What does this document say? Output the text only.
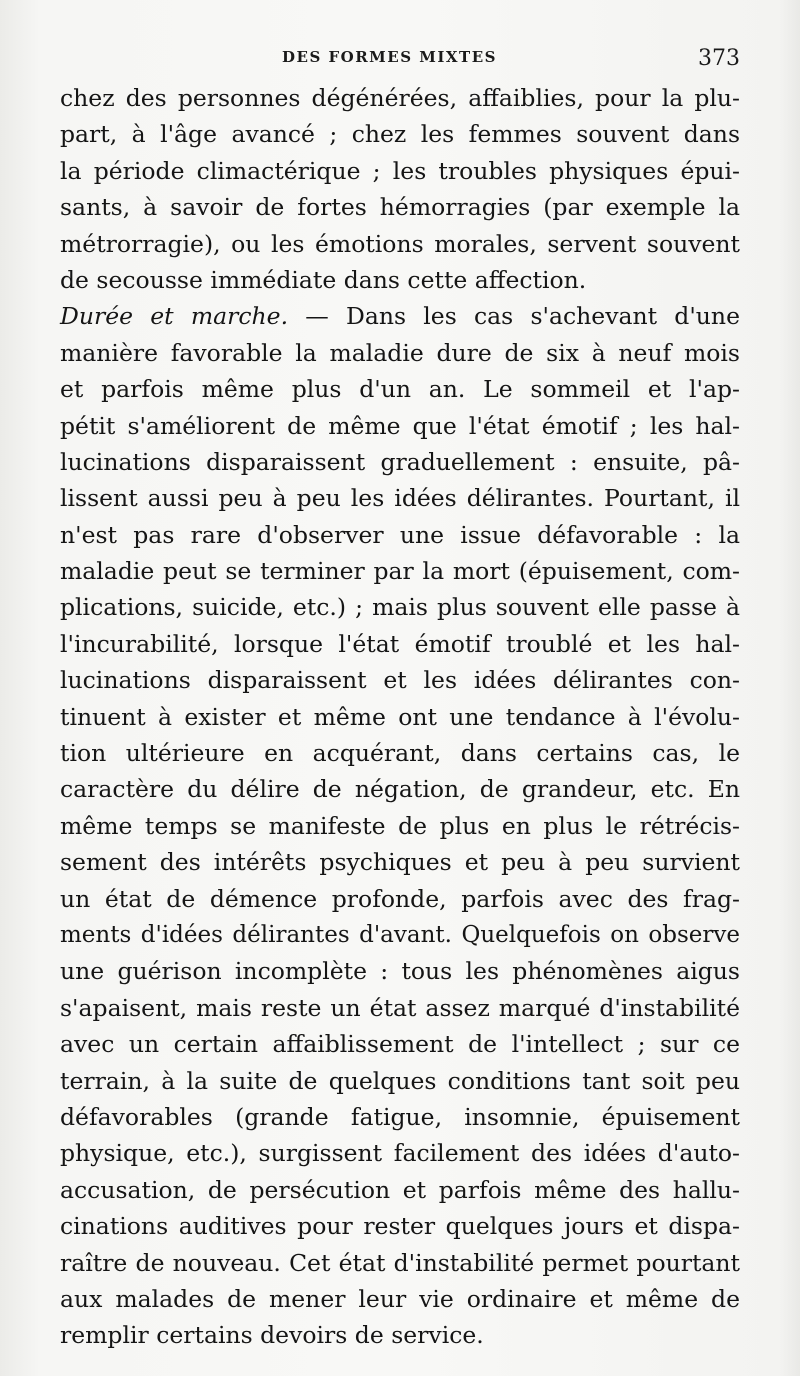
DES FORMES MIXTES	373
chez des personnes dégénérées, affaiblies, pour la plu-
part, à l'âge avancé ; chez les femmes souvent dans
la période climactérique ; les troubles physiques épui-
sants, à savoir de fortes hémorragies (par exemple la
métrorragie), ou les émotions morales, servent souvent
de secousse immédiate dans cette affection.
Durée et marche. — Dans les cas s'achevant d'une
manière favorable la maladie dure de six à neuf mois
et parfois même plus d'un an. Le sommeil et l'ap-
pétit s'améliorent de même que l'état émotif ; les hal-
lucinations disparaissent graduellement : ensuite, pâ-
lissent aussi peu à peu les idées délirantes. Pourtant, il
n'est pas rare d'observer une issue défavorable : la
maladie peut se terminer par la mort (épuisement, com-
plications, suicide, etc.) ; mais plus souvent elle passe à
l'incurabilité, lorsque l'état émotif troublé et les hal-
lucinations disparaissent et les idées délirantes con-
tinuent à exister et même ont une tendance à l'évolu-
tion ultérieure en acquérant, dans certains cas, le
caractère du délire de négation, de grandeur, etc. En
même temps se manifeste de plus en plus le rétrécis-
sement des intérêts psychiques et peu à peu survient
un état de démence profonde, parfois avec des frag-
ments d'idées délirantes d'avant. Quelquefois on observe
une guérison incomplète : tous les phénomènes aigus
s'apaisent, mais reste un état assez marqué d'instabilité
avec un certain affaiblissement de l'intellect ; sur ce
terrain, à la suite de quelques conditions tant soit peu
défavorables (grande fatigue, insomnie, épuisement
physique, etc.), surgissent facilement des idées d'auto-
accusation, de persécution et parfois même des hallu-
cinations auditives pour rester quelques jours et dispa-
raître de nouveau. Cet état d'instabilité permet pourtant
aux malades de mener leur vie ordinaire et même de
remplir certains devoirs de service.
